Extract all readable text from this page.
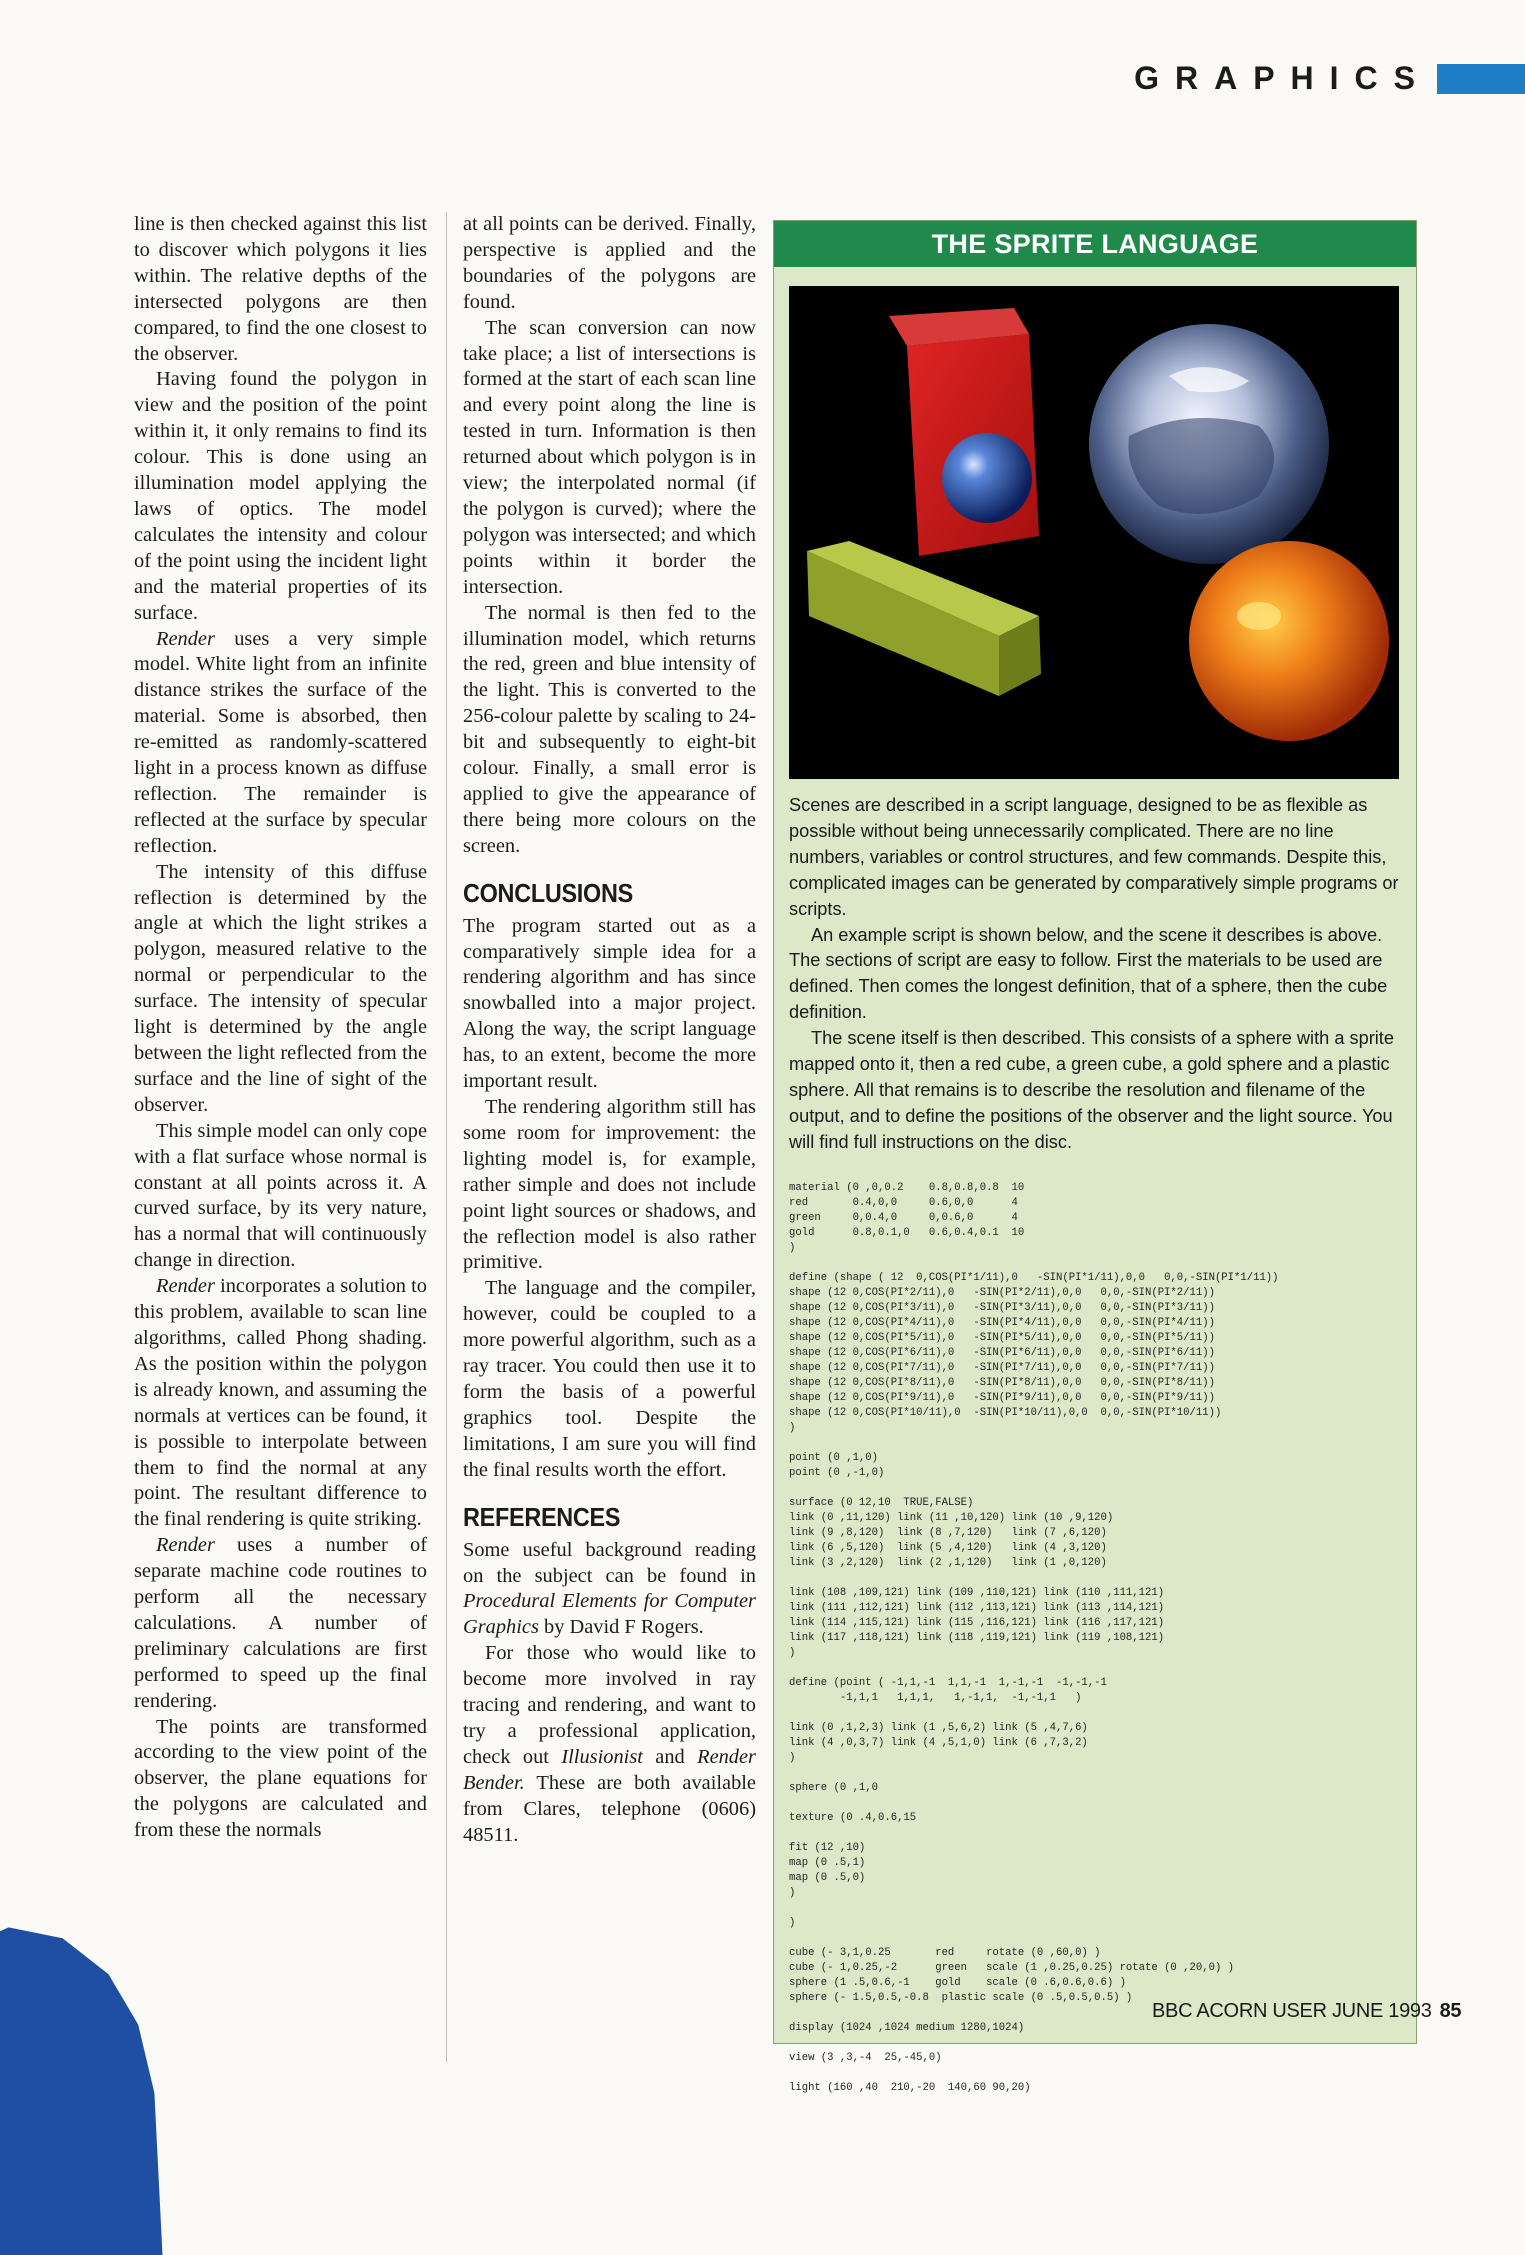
GRAPHICS

line is then checked against this list to discover which polygons it lies within. The relative depths of the intersected polygons are then compared, to find the one closest to the observer.

Having found the polygon in view and the position of the point within it, it only remains to find its colour. This is done using an illumination model applying the laws of optics. The model calculates the intensity and colour of the point using the incident light and the material properties of its surface.

Render uses a very simple model. White light from an infinite distance strikes the surface of the material. Some is absorbed, then re-emitted as randomly-scattered light in a process known as diffuse reflection. The remainder is reflected at the surface by specular reflection.

The intensity of this diffuse reflection is determined by the angle at which the light strikes a polygon, measured relative to the normal or perpendicular to the surface. The intensity of specular light is determined by the angle between the light reflected from the surface and the line of sight of the observer.

This simple model can only cope with a flat surface whose normal is constant at all points across it. A curved surface, by its very nature, has a normal that will continuously change in direction.

Render incorporates a solution to this problem, available to scan line algorithms, called Phong shading. As the position within the polygon is already known, and assuming the normals at vertices can be found, it is possible to interpolate between them to find the normal at any point. The resultant difference to the final rendering is quite striking.

Render uses a number of separate machine code routines to perform all the necessary calculations. A number of preliminary calculations are first performed to speed up the final rendering.

The points are transformed according to the view point of the observer, the plane equations for the polygons are calculated and from these the normals

at all points can be derived. Finally, perspective is applied and the boundaries of the polygons are found.

The scan conversion can now take place; a list of intersections is formed at the start of each scan line and every point along the line is tested in turn. Information is then returned about which polygon is in view; the interpolated normal (if the polygon is curved); where the polygon was intersected; and which points within it border the intersection.

The normal is then fed to the illumination model, which returns the red, green and blue intensity of the light. This is converted to the 256-colour palette by scaling to 24-bit and subsequently to eight-bit colour. Finally, a small error is applied to give the appearance of there being more colours on the screen.

CONCLUSIONS

The program started out as a comparatively simple idea for a rendering algorithm and has since snowballed into a major project. Along the way, the script language has, to an extent, become the more important result.

The rendering algorithm still has some room for improvement: the lighting model is, for example, rather simple and does not include point light sources or shadows, and the reflection model is also rather primitive.

The language and the compiler, however, could be coupled to a more powerful algorithm, such as a ray tracer. You could then use it to form the basis of a powerful graphics tool. Despite the limitations, I am sure you will find the final results worth the effort.

REFERENCES

Some useful background reading on the subject can be found in Procedural Elements for Computer Graphics by David F Rogers.

For those who would like to become more involved in ray tracing and rendering, and want to try a professional application, check out Illusionist and Render Bender. These are both available from Clares, telephone (0606) 48511.

THE SPRITE LANGUAGE

Scenes are described in a script language, designed to be as flexible as possible without being unnecessarily complicated. There are no line numbers, variables or control structures, and few commands. Despite this, complicated images can be generated by comparatively simple programs or scripts.

An example script is shown below, and the scene it describes is above. The sections of script are easy to follow. First the materials to be used are defined. Then comes the longest definition, that of a sphere, then the cube definition.

The scene itself is then described. This consists of a sphere with a sprite mapped onto it, then a red cube, a green cube, a gold sphere and a plastic sphere. All that remains is to describe the resolution and filename of the output, and to define the positions of the observer and the light source. You will find full instructions on the disc.

material (0 ,0,0.2    0.8,0.8,0.8  10
red       0.4,0,0     0.6,0,0      4
green     0,0.4,0     0,0.6,0      4
gold      0.8,0.1,0   0.6,0.4,0.1  10
)

define (shape ( 12  0,COS(PI*1/11),0   -SIN(PI*1/11),0,0   0,0,-SIN(PI*1/11))
shape (12 0,COS(PI*2/11),0   -SIN(PI*2/11),0,0   0,0,-SIN(PI*2/11))
shape (12 0,COS(PI*3/11),0   -SIN(PI*3/11),0,0   0,0,-SIN(PI*3/11))
shape (12 0,COS(PI*4/11),0   -SIN(PI*4/11),0,0   0,0,-SIN(PI*4/11))
shape (12 0,COS(PI*5/11),0   -SIN(PI*5/11),0,0   0,0,-SIN(PI*5/11))
shape (12 0,COS(PI*6/11),0   -SIN(PI*6/11),0,0   0,0,-SIN(PI*6/11))
shape (12 0,COS(PI*7/11),0   -SIN(PI*7/11),0,0   0,0,-SIN(PI*7/11))
shape (12 0,COS(PI*8/11),0   -SIN(PI*8/11),0,0   0,0,-SIN(PI*8/11))
shape (12 0,COS(PI*9/11),0   -SIN(PI*9/11),0,0   0,0,-SIN(PI*9/11))
shape (12 0,COS(PI*10/11),0  -SIN(PI*10/11),0,0  0,0,-SIN(PI*10/11))
)

point (0 ,1,0)
point (0 ,-1,0)

surface (0 12,10  TRUE,FALSE)
link (0 ,11,120) link (11 ,10,120) link (10 ,9,120)
link (9 ,8,120)  link (8 ,7,120)   link (7 ,6,120)
link (6 ,5,120)  link (5 ,4,120)   link (4 ,3,120)
link (3 ,2,120)  link (2 ,1,120)   link (1 ,0,120)

link (108 ,109,121) link (109 ,110,121) link (110 ,111,121)
link (111 ,112,121) link (112 ,113,121) link (113 ,114,121)
link (114 ,115,121) link (115 ,116,121) link (116 ,117,121)
link (117 ,118,121) link (118 ,119,121) link (119 ,108,121)
)

define (point ( -1,1,-1  1,1,-1  1,-1,-1  -1,-1,-1
-1,1,1   1,1,1,   1,-1,1,  -1,-1,1   )

link (0 ,1,2,3) link (1 ,5,6,2) link (5 ,4,7,6)
link (4 ,0,3,7) link (4 ,5,1,0) link (6 ,7,3,2)
)

sphere (0 ,1,0

texture (0 .4,0.6,15

fit (12 ,10)
map (0 .5,1)
map (0 .5,0)
)

)

cube (- 3,1,0.25       red     rotate (0 ,60,0) )
cube (- 1,0.25,-2      green   scale (1 ,0.25,0.25) rotate (0 ,20,0) )
sphere (1 .5,0.6,-1    gold    scale (0 .6,0.6,0.6) )
sphere (- 1.5,0.5,-0.8  plastic scale (0 .5,0.5,0.5) )

display (1024 ,1024 medium 1280,1024)

view (3 ,3,-4  25,-45,0)

light (160 ,40  210,-20  140,60 90,20)
BBC ACORN USER JUNE 1993 85
